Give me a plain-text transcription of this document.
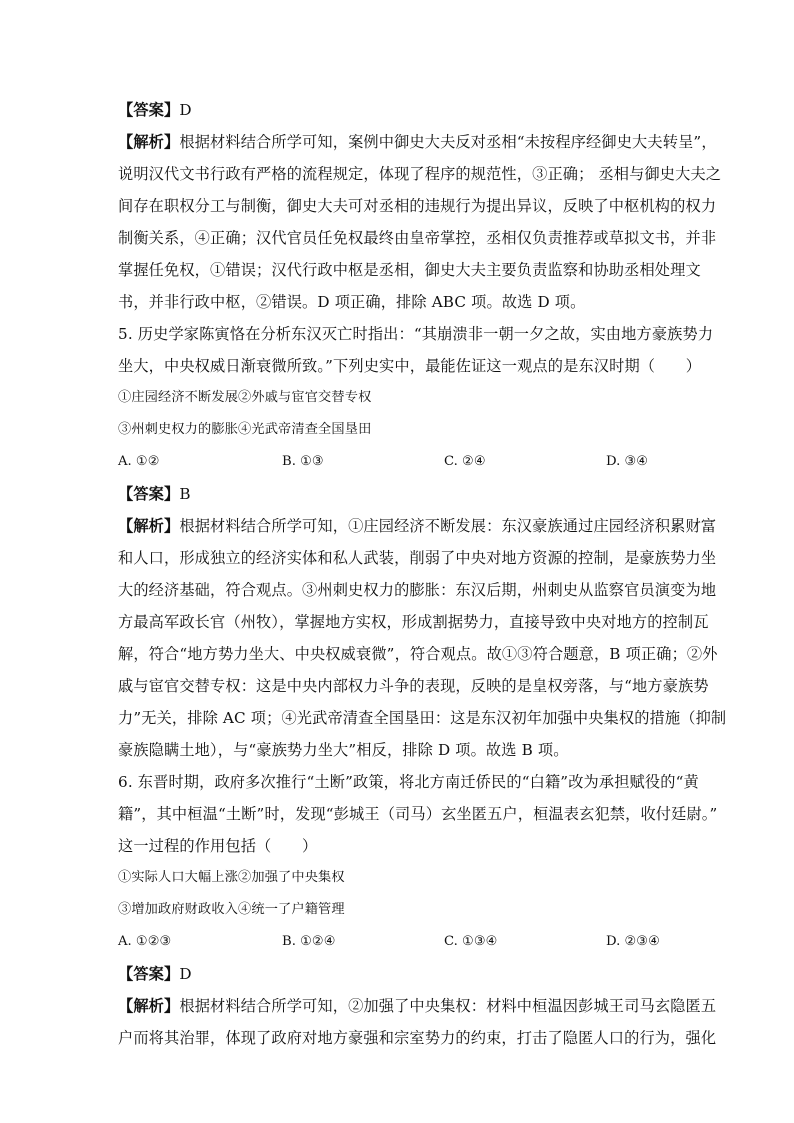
【答案】D
【解析】根据材料结合所学可知，案例中御史大夫反对丞相“未按程序经御史大夫转呈”，
说明汉代文书行政有严格的流程规定，体现了程序的规范性，③正确； 丞相与御史大夫之
间存在职权分工与制衡，御史大夫可对丞相的违规行为提出异议，反映了中枢机构的权力
制衡关系，④正确；汉代官员任免权最终由皇帝掌控，丞相仅负责推荐或草拟文书，并非
掌握任免权，①错误；汉代行政中枢是丞相，御史大夫主要负责监察和协助丞相处理文
书，并非行政中枢，②错误。D 项正确，排除 ABC 项。故选 D 项。
5. 历史学家陈寅恪在分析东汉灭亡时指出：“其崩溃非一朝一夕之故，实由地方豪族势力
坐大，中央权威日渐衰微所致。”下列史实中，最能佐证这一观点的是东汉时期（　　）
①庄园经济不断发展②外戚与宦官交替专权
③州刺史权力的膨胀④光武帝清查全国垦田
A. ①②	B. ①③	C. ②④	D. ③④
【答案】B
【解析】根据材料结合所学可知，①庄园经济不断发展：东汉豪族通过庄园经济积累财富
和人口，形成独立的经济实体和私人武装，削弱了中央对地方资源的控制，是豪族势力坐
大的经济基础，符合观点。③州刺史权力的膨胀：东汉后期，州刺史从监察官员演变为地
方最高军政长官（州牧），掌握地方实权，形成割据势力，直接导致中央对地方的控制瓦
解，符合“地方势力坐大、中央权威衰微”，符合观点。故①③符合题意，B 项正确；②外
戚与宦官交替专权：这是中央内部权力斗争的表现，反映的是皇权旁落，与“地方豪族势
力”无关，排除 AC 项；④光武帝清查全国垦田：这是东汉初年加强中央集权的措施（抑制
豪族隐瞒土地），与“豪族势力坐大”相反，排除 D 项。故选 B 项。
6. 东晋时期，政府多次推行“土断”政策，将北方南迁侨民的“白籍”改为承担赋役的“黄
籍”，其中桓温“土断”时，发现“彭城王（司马）玄坐匿五户，桓温表玄犯禁，收付廷尉。”
这一过程的作用包括（　　）
①实际人口大幅上涨②加强了中央集权
③增加政府财政收入④统一了户籍管理
A. ①②③	B. ①②④	C. ①③④	D. ②③④
【答案】D
【解析】根据材料结合所学可知，②加强了中央集权：材料中桓温因彭城王司马玄隐匿五
户而将其治罪，体现了政府对地方豪强和宗室势力的约束，打击了隐匿人口的行为，强化
